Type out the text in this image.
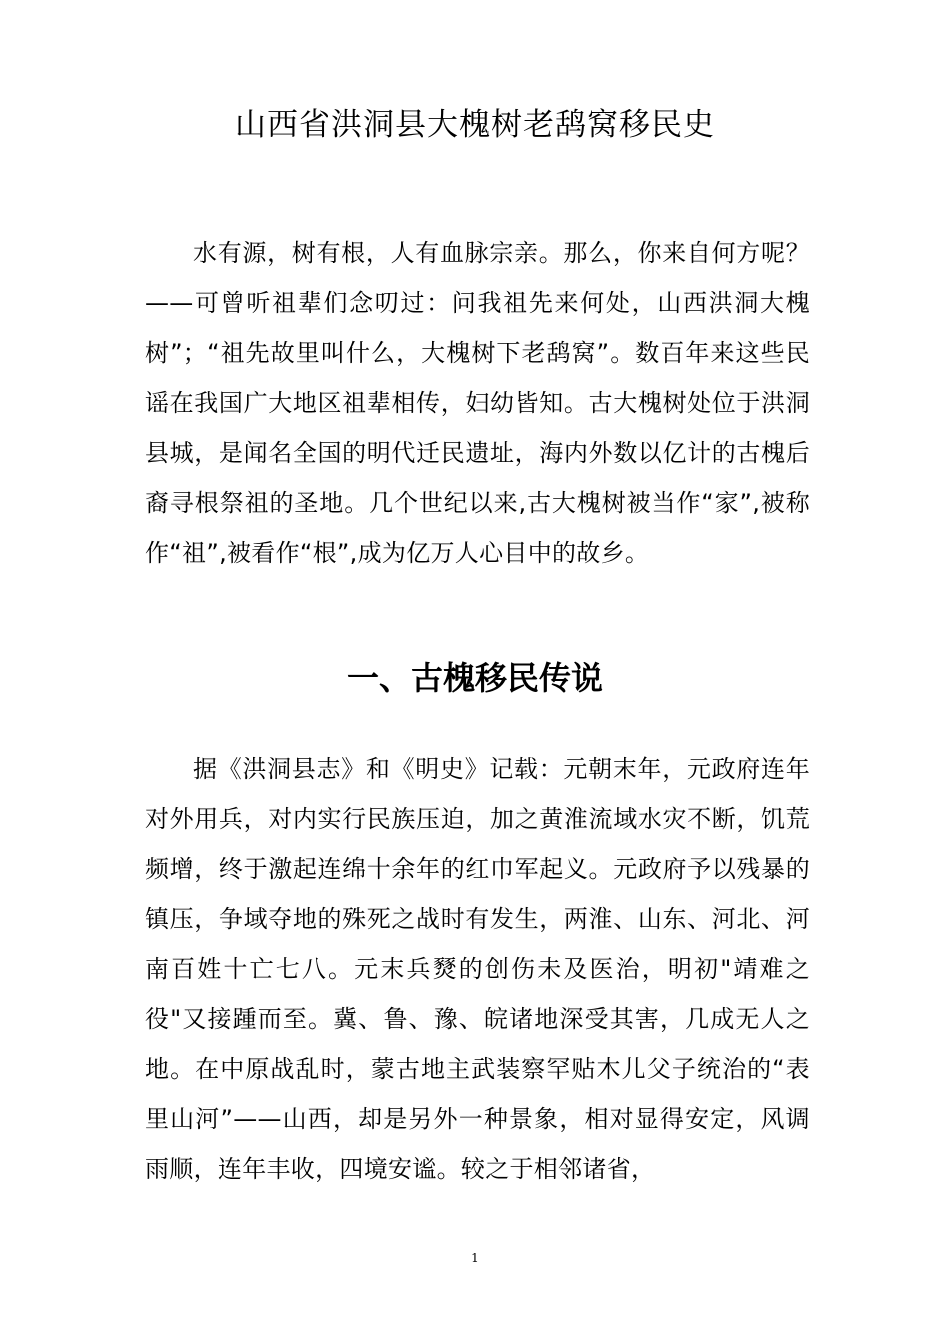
山西省洪洞县大槐树老鸹窝移民史

水有源，树有根，人有血脉宗亲。那么，你来自何方呢？——可曾听祖辈们念叨过：问我祖先来何处，山西洪洞大槐树”；“祖先故里叫什么，大槐树下老鸹窝”。数百年来这些民谣在我国广大地区祖辈相传，妇幼皆知。古大槐树处位于洪洞县城，是闻名全国的明代迁民遗址，海内外数以亿计的古槐后裔寻根祭祖的圣地。几个世纪以来,古大槐树被当作“家”,被称作“祖”,被看作“根”,成为亿万人心目中的故乡。

一、古槐移民传说

据《洪洞县志》和《明史》记载：元朝末年，元政府连年对外用兵，对内实行民族压迫，加之黄淮流域水灾不断，饥荒频增，终于激起连绵十余年的红巾军起义。元政府予以残暴的镇压，争域夺地的殊死之战时有发生，两淮、山东、河北、河南百姓十亡七八。元末兵燹的创伤未及医治，明初"靖难之役"又接踵而至。冀、鲁、豫、皖诸地深受其害，几成无人之地。在中原战乱时，蒙古地主武装察罕贴木儿父子统治的“表里山河”——山西，却是另外一种景象，相对显得安定，风调雨顺，连年丰收，四境安谧。较之于相邻诸省，

1
